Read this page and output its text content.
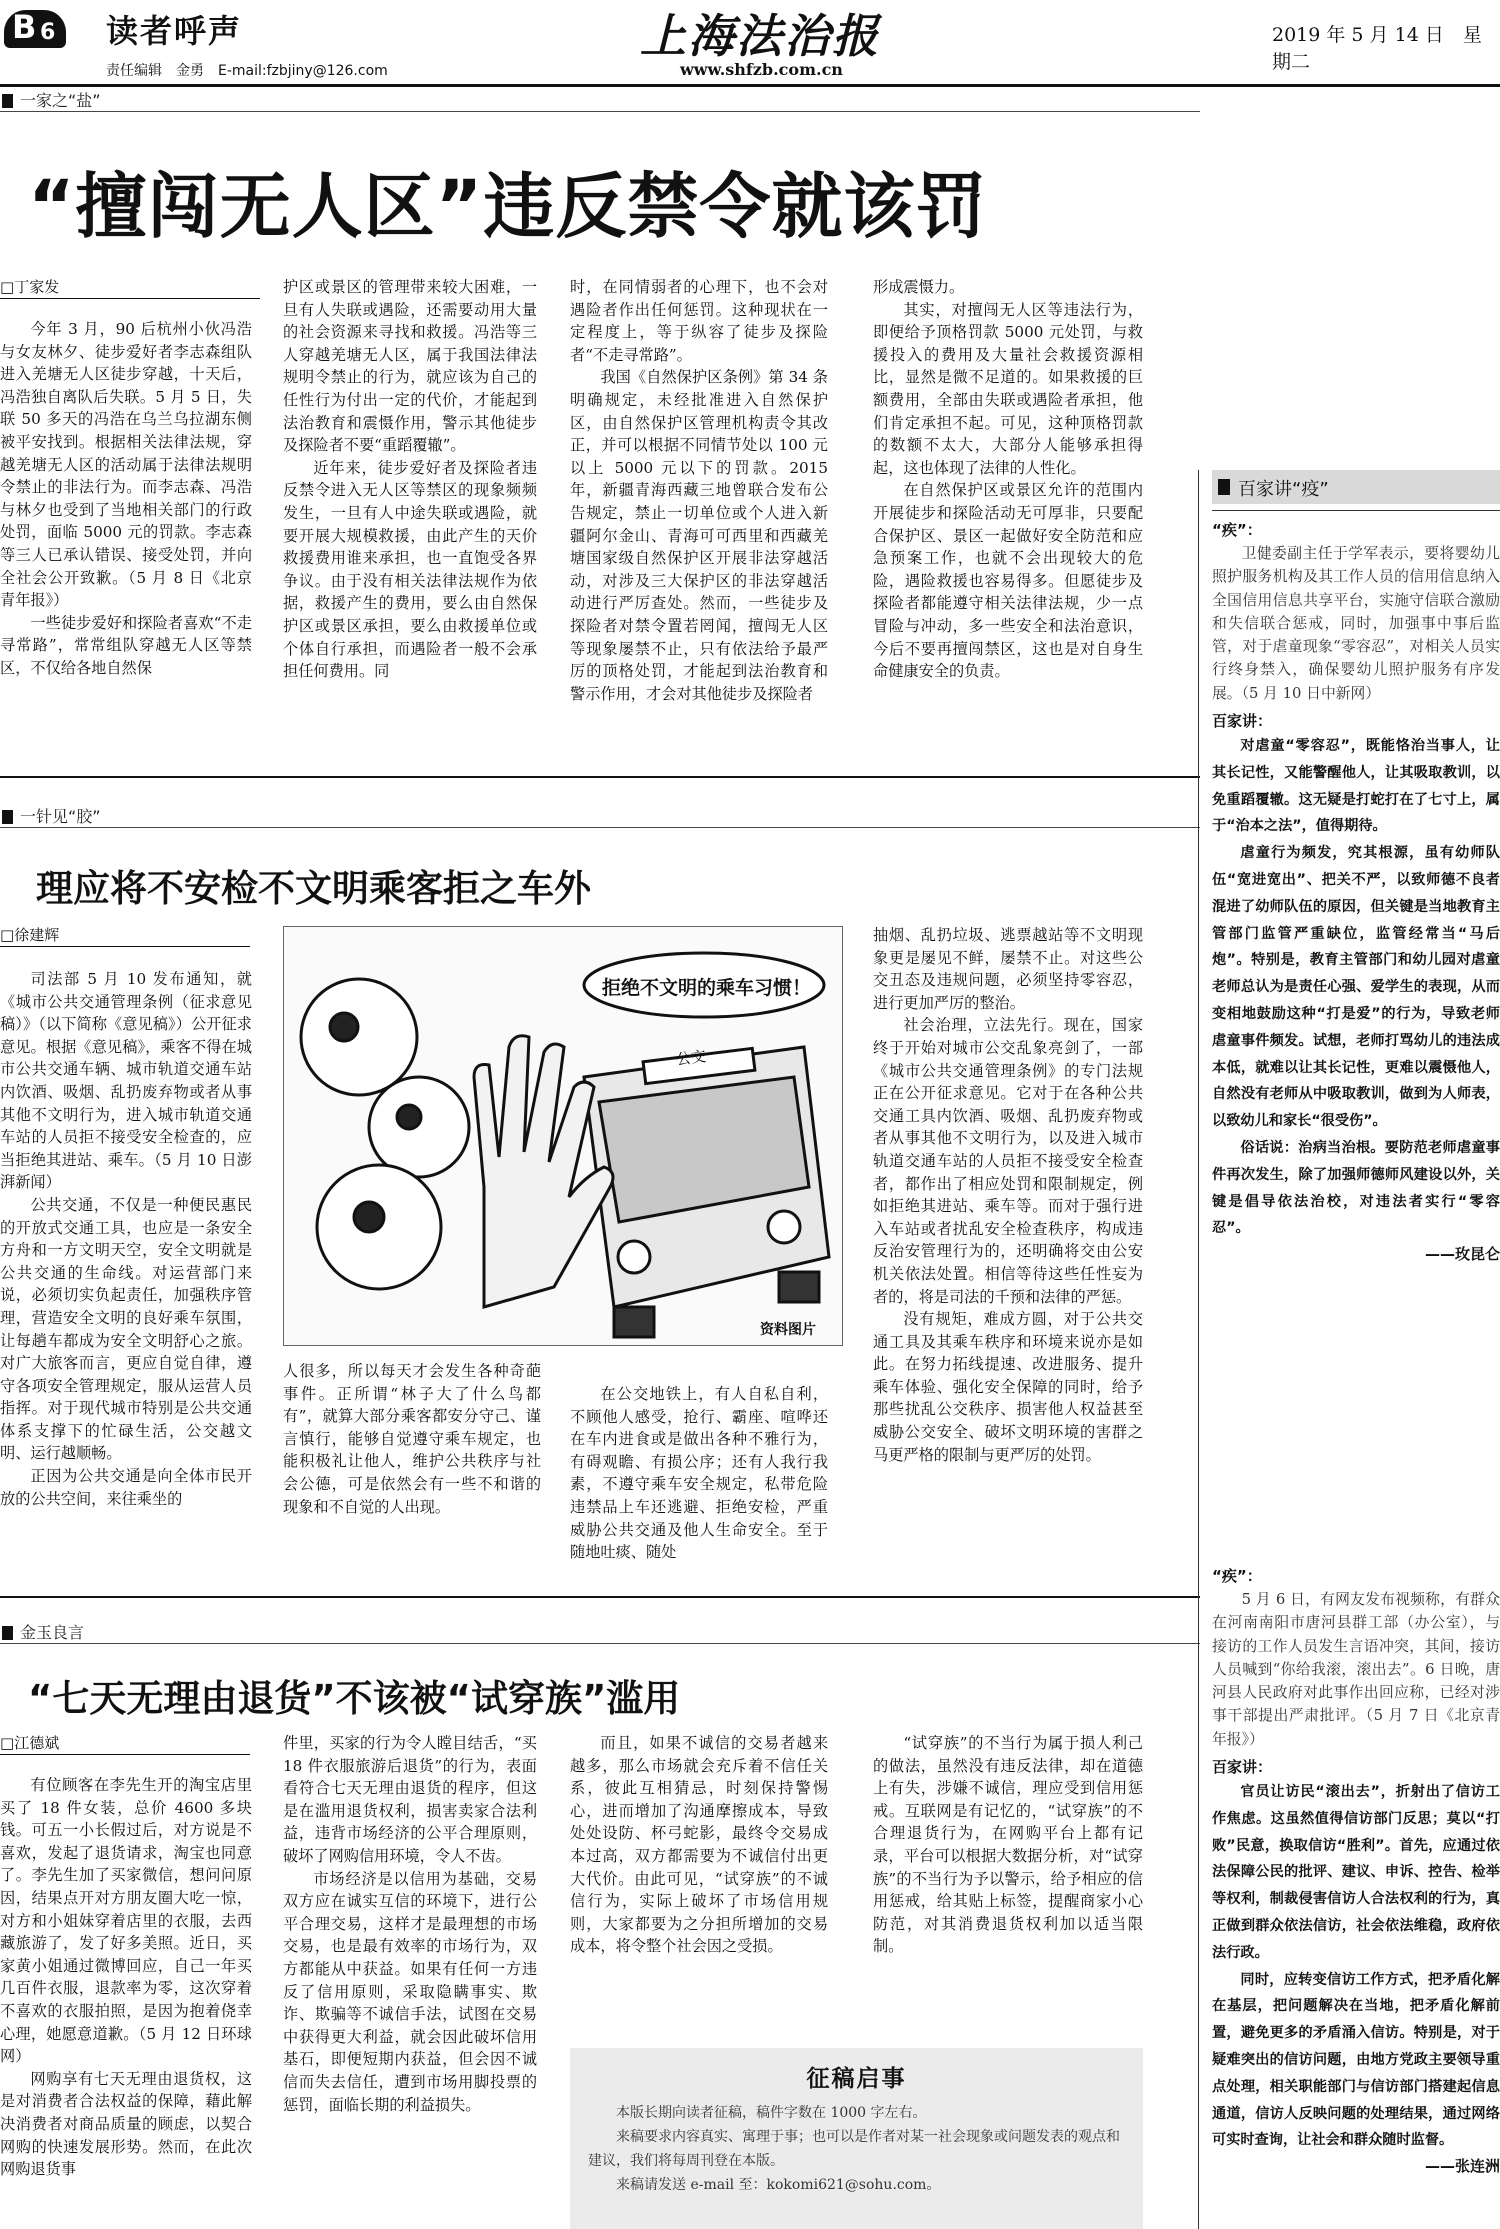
B 6 读者呼声
责任编辑　金勇　E-mail:fzbjiny@126.com
上海法治报
www.shfzb.com.cn
2019 年 5 月 14 日　星期二
一家之“盐”
“擅闯无人区”违反禁令就该罚
□ 丁家发

今年 3 月，90 后杭州小伙冯浩与女友林夕、徒步爱好者李志森组队进入羌塘无人区徒步穿越，十天后，冯浩独自离队后失联。5 月 5 日，失联 50 多天的冯浩在乌兰乌拉湖东侧被平安找到。根据相关法律法规，穿越羌塘无人区的活动属于法律法规明令禁止的非法行为。而李志森、冯浩与林夕也受到了当地相关部门的行政处罚，面临 5000 元的罚款。李志森等三人已承认错误、接受处罚，并向全社会公开致歉。（5 月 8 日《北京青年报》）

一些徒步爱好和探险者喜欢“不走寻常路”，常常组队穿越无人区等禁区，不仅给各地自然保

护区或景区的管理带来较大困难，一旦有人失联或遇险，还需要动用大量的社会资源来寻找和救援。冯浩等三人穿越羌塘无人区，属于我国法律法规明令禁止的行为，就应该为自己的任性行为付出一定的代价，才能起到法治教育和震慑作用，警示其他徒步及探险者不要“重蹈覆辙”。

近年来，徒步爱好者及探险者违反禁令进入无人区等禁区的现象频频发生，一旦有人中途失联或遇险，就要开展大规模救援，由此产生的天价救援费用谁来承担，也一直饱受各界争议。由于没有相关法律法规作为依据，救援产生的费用，要么由自然保护区或景区承担，要么由救援单位或个体自行承担，而遇险者一般不会承担任何费用。同

时，在同情弱者的心理下，也不会对遇险者作出任何惩罚。这种现状在一定程度上，等于纵容了徒步及探险者“不走寻常路”。

我国《自然保护区条例》第 34 条明确规定，未经批准进入自然保护区，由自然保护区管理机构责令其改正，并可以根据不同情节处以 100 元以上 5000 元以下的罚款。2015 年，新疆青海西藏三地曾联合发布公告规定，禁止一切单位或个人进入新疆阿尔金山、青海可可西里和西藏羌塘国家级自然保护区开展非法穿越活动，对涉及三大保护区的非法穿越活动进行严厉查处。然而，一些徒步及探险者对禁令置若罔闻，擅闯无人区等现象屡禁不止，只有依法给予最严厉的顶格处罚，才能起到法治教育和警示作用，才会对其他徒步及探险者

形成震慑力。

其实，对擅闯无人区等违法行为，即便给予顶格罚款 5000 元处罚，与救援投入的费用及大量社会救援资源相比，显然是微不足道的。如果救援的巨额费用，全部由失联或遇险者承担，他们肯定承担不起。可见，这种顶格罚款的数额不太大，大部分人能够承担得起，这也体现了法律的人性化。

在自然保护区或景区允许的范围内开展徒步和探险活动无可厚非，只要配合保护区、景区一起做好安全防范和应急预案工作，也就不会出现较大的危险，遇险救援也容易得多。但愿徒步及探险者都能遵守相关法律法规，少一点冒险与冲动，多一些安全和法治意识，今后不要再擅闯禁区，这也是对自身生命健康安全的负责。

一针见“胶”
理应将不安检不文明乘客拒之车外
□ 徐建辉

司法部 5 月 10 发布通知，就《城市公共交通管理条例（征求意见稿）》（以下简称《意见稿》）公开征求意见。根据《意见稿》，乘客不得在城市公共交通车辆、城市轨道交通车站内饮酒、吸烟、乱扔废弃物或者从事其他不文明行为，进入城市轨道交通车站的人员拒不接受安全检查的，应当拒绝其进站、乘车。（5 月 10 日澎湃新闻）

公共交通，不仅是一种便民惠民的开放式交通工具，也应是一条安全方舟和一方文明天空，安全文明就是公共交通的生命线。对运营部门来说，必须切实负起责任，加强秩序管理，营造安全文明的良好乘车氛围，让每趟车都成为安全文明舒心之旅。对广大旅客而言，更应自觉自律，遵守各项安全管理规定，服从运营人员指挥。对于现代城市特别是公共交通体系支撑下的忙碌生活，公交越文明、运行越顺畅。

正因为公共交通是向全体市民开放的公共空间，来往乘坐的

拒绝不文明的乘车习惯！
公交
资料图片

人很多，所以每天才会发生各种奇葩事件。正所谓“林子大了什么鸟都有”，就算大部分乘客都安分守己、谨言慎行，能够自觉遵守乘车规定，也能积极礼让他人，维护公共秩序与社会公德，可是依然会有一些不和谐的现象和不自觉的人出现。

在公交地铁上，有人自私自利，不顾他人感受，抢行、霸座、喧哗还在车内进食或是做出各种不雅行为，有碍观瞻、有损公序；还有人我行我素，不遵守乘车安全规定，私带危险违禁品上车还逃避、拒绝安检，严重威胁公共交通及他人生命安全。至于随地吐痰、随处

抽烟、乱扔垃圾、逃票越站等不文明现象更是屡见不鲜，屡禁不止。对这些公交丑态及违规问题，必须坚持零容忍，进行更加严厉的整治。

社会治理，立法先行。现在，国家终于开始对城市公交乱象亮剑了，一部《城市公共交通管理条例》的专门法规正在公开征求意见。它对于在各种公共交通工具内饮酒、吸烟、乱扔废弃物或者从事其他不文明行为，以及进入城市轨道交通车站的人员拒不接受安全检查者，都作出了相应处罚和限制规定，例如拒绝其进站、乘车等。而对于强行进入车站或者扰乱安全检查秩序，构成违反治安管理行为的，还明确将交由公安机关依法处置。相信等待这些任性妄为者的，将是司法的千预和法律的严惩。

没有规矩，难成方圆，对于公共交通工具及其乘车秩序和环境来说亦是如此。在努力拓线提速、改进服务、提升乘车体验、强化安全保障的同时，给予那些扰乱公交秩序、损害他人权益甚至威胁公交安全、破坏文明环境的害群之马更严格的限制与更严厉的处罚。

金玉良言
“七天无理由退货”不该被“试穿族”滥用
□ 江德斌

有位顾客在李先生开的淘宝店里买了 18 件女装，总价 4600 多块钱。可五一小长假过后，对方说是不喜欢，发起了退货请求，淘宝也同意了。李先生加了买家微信，想问问原因，结果点开对方朋友圈大吃一惊，对方和小姐妹穿着店里的衣服，去西藏旅游了，发了好多美照。近日，买家黄小姐通过微博回应，自己一年买几百件衣服，退款率为零，这次穿着不喜欢的衣服拍照，是因为抱着侥幸心理，她愿意道歉。（5 月 12 日环球网）

网购享有七天无理由退货权，这是对消费者合法权益的保障，藉此解决消费者对商品质量的顾虑，以契合网购的快速发展形势。然而，在此次网购退货事

件里，买家的行为令人瞠目结舌，“买 18 件衣服旅游后退货”的行为，表面看符合七天无理由退货的程序，但这是在滥用退货权利，损害卖家合法利益，违背市场经济的公平合理原则，破坏了网购信用环境，令人不齿。

市场经济是以信用为基础，交易双方应在诚实互信的环境下，进行公平合理交易，这样才是最理想的市场交易，也是最有效率的市场行为，双方都能从中获益。如果有任何一方违反了信用原则，采取隐瞒事实、欺诈、欺骗等不诚信手法，试图在交易中获得更大利益，就会因此破坏信用基石，即便短期内获益，但会因不诚信而失去信任，遭到市场用脚投票的惩罚，面临长期的利益损失。

而且，如果不诚信的交易者越来越多，那么市场就会充斥着不信任关系，彼此互相猜忌，时刻保持警惕心，进而增加了沟通摩擦成本，导致处处设防、杯弓蛇影，最终令交易成本过高，双方都需要为不诚信付出更大代价。由此可见，“试穿族”的不诚信行为，实际上破坏了市场信用规则，大家都要为之分担所增加的交易成本，将令整个社会因之受损。

“试穿族”的不当行为属于损人利己的做法，虽然没有违反法律，却在道德上有失，涉嫌不诚信，理应受到信用惩戒。互联网是有记忆的，“试穿族”的不合理退货行为，在网购平台上都有记录，平台可以根据大数据分析，对“试穿族”的不当行为予以警示，给予相应的信用惩戒，给其贴上标签，提醒商家小心防范，对其消费退货权利加以适当限制。

征稿启事
本版长期向读者征稿，稿件字数在 1000 字左右。
来稿要求内容真实、寓理于事；也可以是作者对某一社会现象或问题发表的观点和建议，我们将每周刊登在本版。
来稿请发送 e-mail 至：kokomi621@sohu.com。
百家讲“疫”
“疾”：
卫健委副主任于学军表示，要将婴幼儿照护服务机构及其工作人员的信用信息纳入全国信用信息共享平台，实施守信联合激励和失信联合惩戒，同时，加强事中事后监管，对于虐童现象“零容忍”，对相关人员实行终身禁入，确保婴幼儿照护服务有序发展。（5 月 10 日中新网）
百家讲：
对虐童“零容忍”，既能恪治当事人，让其长记性，又能警醒他人，让其吸取教训，以免重蹈覆辙。这无疑是打蛇打在了七寸上，属于“治本之法”，值得期待。
虐童行为频发，究其根源，虽有幼师队伍“宽进宽出”、把关不严，以致师德不良者混进了幼师队伍的原因，但关键是当地教育主管部门监管严重缺位，监管经常当“马后炮”。特别是，教育主管部门和幼儿园对虐童老师总认为是责任心强、爱学生的表现，从而变相地鼓励这种“打是爱”的行为，导致老师虐童事件频发。试想，老师打骂幼儿的违法成本低，就难以让其长记性，更难以震慑他人，自然没有老师从中吸取教训，做到为人师表，以致幼儿和家长“很受伤”。
俗话说：治病当治根。要防范老师虐童事件再次发生，除了加强师德师风建设以外，关键是倡导依法治校，对违法者实行“零容忍”。
——玫昆仑
“疾”：
5 月 6 日，有网友发布视频称，有群众在河南南阳市唐河县群工部（办公室），与接访的工作人员发生言语冲突，其间，接访人员喊到“你给我滚，滚出去”。6 日晚，唐河县人民政府对此事作出回应称，已经对涉事干部提出严肃批评。（5 月 7 日《北京青年报》）
百家讲：
官员让访民“滚出去”，折射出了信访工作焦虑。这虽然值得信访部门反思；莫以“打败”民意，换取信访“胜利”。首先，应通过依法保障公民的批评、建议、申诉、控告、检举等权利，制裁侵害信访人合法权利的行为，真正做到群众依法信访，社会依法维稳，政府依法行政。
同时，应转变信访工作方式，把矛盾化解在基层，把问题解决在当地，把矛盾化解前置，避免更多的矛盾涌入信访。特别是，对于疑难突出的信访问题，由地方党政主要领导重点处理，相关职能部门与信访部门搭建起信息通道，信访人反映问题的处理结果，通过网络可实时查询，让社会和群众随时监督。
——张连洲
